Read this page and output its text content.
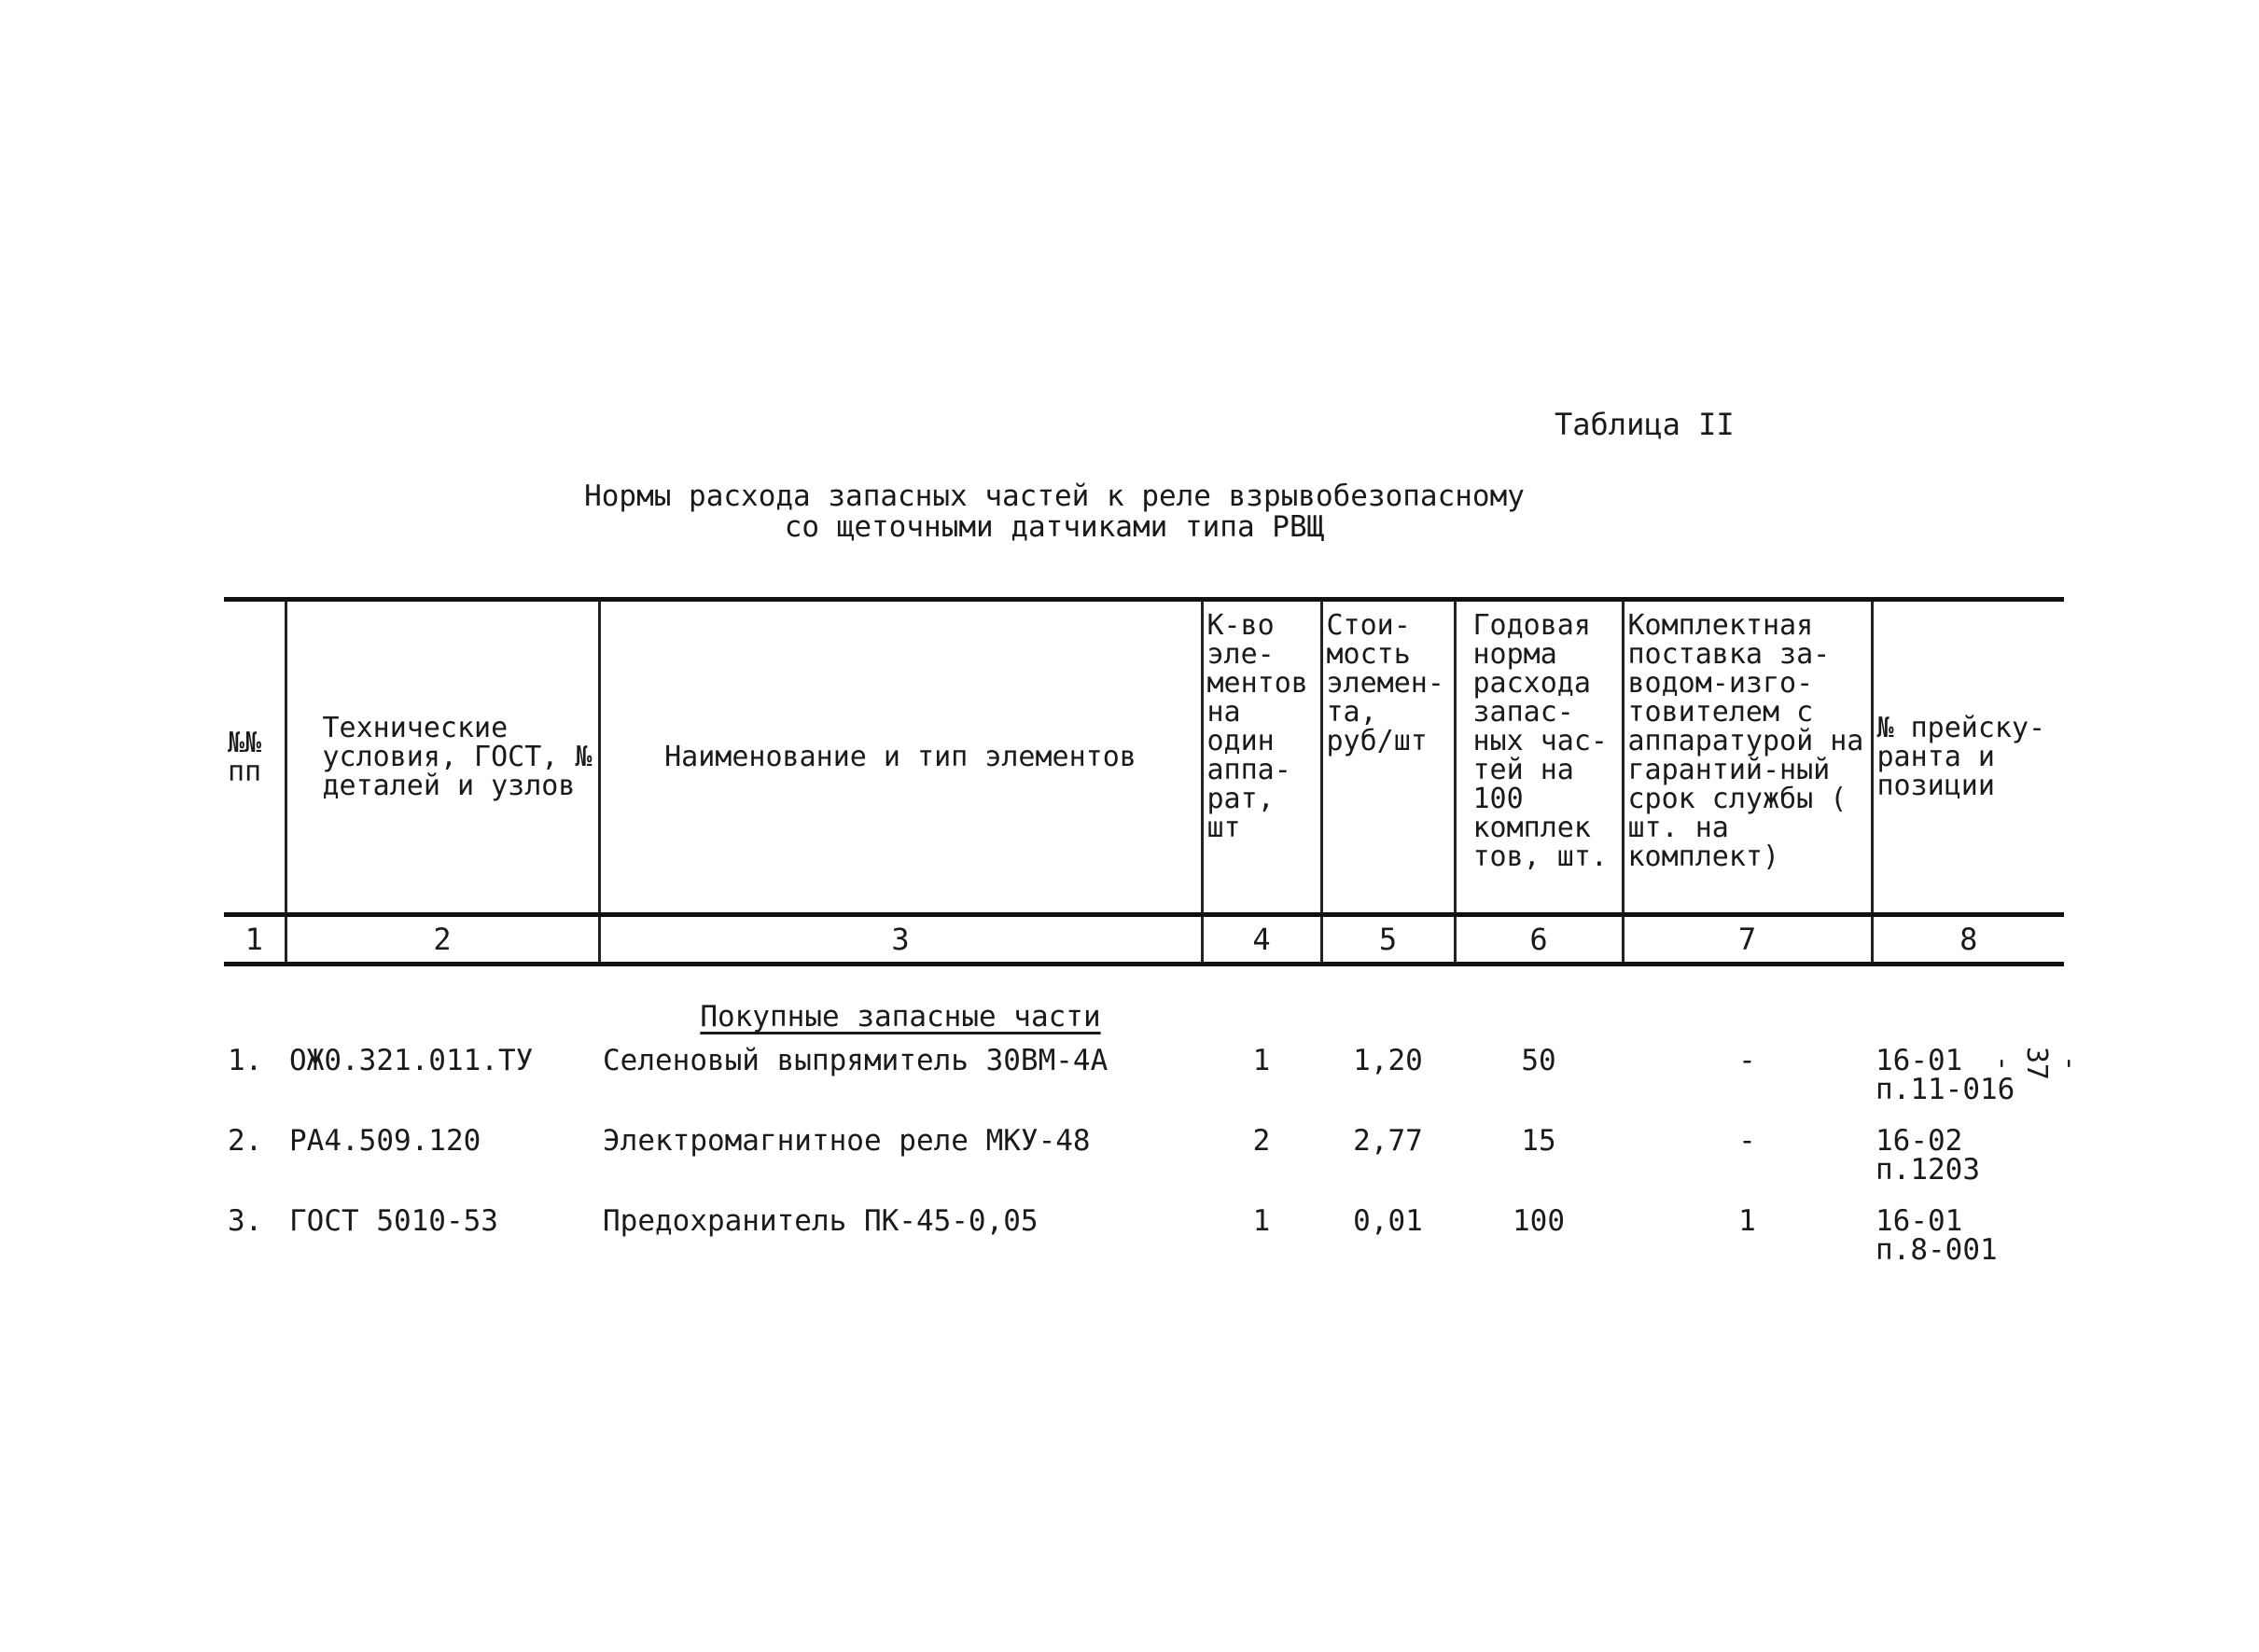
Таблица II
Нормы расхода запасных частей к реле взрывобезопасному
со щеточными датчиками типа РВЩ
№№ пп	Технические условия, ГОСТ, № деталей и узлов	Наименование и тип элементов	К-во эле-ментов на один аппа-рат, шт	Стои-мость элемен-та, руб/шт	Годовая норма расхода запас-ных час-тей на 100 комплек тов, шт.	Комплектная поставка за-водом-изго-товителем с аппаратурой на гарантий-ный срок службы ( шт. на комплект)	№ прейску-ранта и позиции
1	2	3	4	5	6	7	8
		Покупные запасные части					
1.	ОЖ0.321.011.ТУ	Селеновый выпрямитель 30ВМ-4А	1	1,20	50	-	16-01
п.11-016

2.	РА4.509.120	Электромагнитное реле МКУ-48	2	2,77	15	-	16-02
п.1203

3.	ГОСТ 5010-53	Предохранитель ПК-45-0,05	1	0,01	100	1	16-01
п.8-001
- 37 -
